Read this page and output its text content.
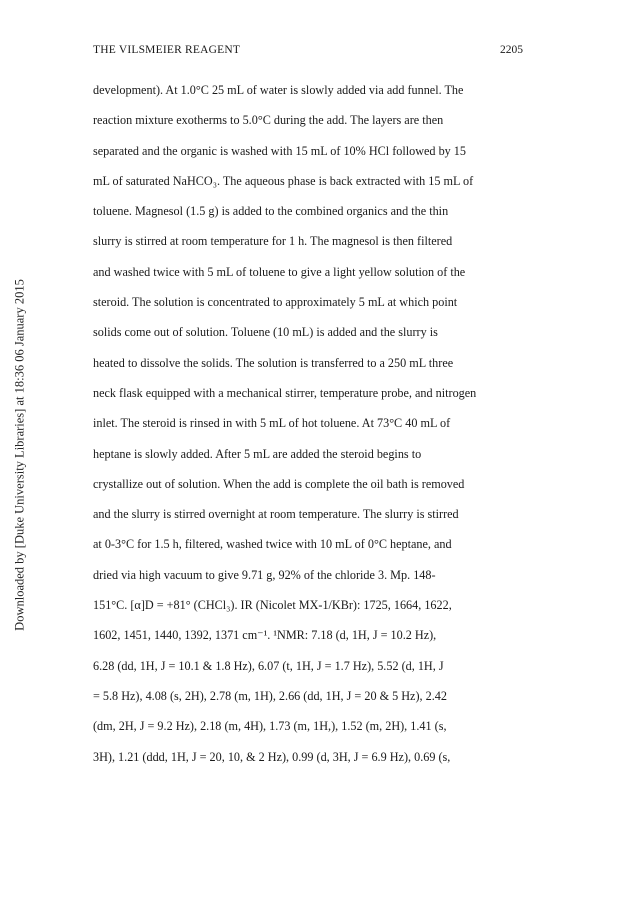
THE VILSMEIER REAGENT	2205
Downloaded by [Duke University Libraries] at 18:36 06 January 2015
development). At 1.0°C 25 mL of water is slowly added via add funnel. The
reaction mixture exotherms to 5.0°C during the add. The layers are then
separated and the organic is washed with 15 mL of 10% HCl followed by 15
mL of saturated NaHCO₃. The aqueous phase is back extracted with 15 mL of
toluene. Magnesol (1.5 g) is added to the combined organics and the thin
slurry is stirred at room temperature for 1 h. The magnesol is then filtered
and washed twice with 5 mL of toluene to give a light yellow solution of the
steroid. The solution is concentrated to approximately 5 mL at which point
solids come out of solution. Toluene (10 mL) is added and the slurry is
heated to dissolve the solids. The solution is transferred to a 250 mL three
neck flask equipped with a mechanical stirrer, temperature probe, and nitrogen
inlet. The steroid is rinsed in with 5 mL of hot toluene. At 73°C 40 mL of
heptane is slowly added. After 5 mL are added the steroid begins to
crystallize out of solution. When the add is complete the oil bath is removed
and the slurry is stirred overnight at room temperature. The slurry is stirred
at 0-3°C for 1.5 h, filtered, washed twice with 10 mL of 0°C heptane, and
dried via high vacuum to give 9.71 g, 92% of the chloride 3. Mp. 148-
151°C. [α]D = +81° (CHCl₃). IR (Nicolet MX-1/KBr): 1725, 1664, 1622,
1602, 1451, 1440, 1392, 1371 cm⁻¹. ¹NMR: 7.18 (d, 1H, J = 10.2 Hz),
6.28 (dd, 1H, J = 10.1 & 1.8 Hz), 6.07 (t, 1H, J = 1.7 Hz), 5.52 (d, 1H, J
= 5.8 Hz), 4.08 (s, 2H), 2.78 (m, 1H), 2.66 (dd, 1H, J = 20 & 5 Hz), 2.42
(dm, 2H, J = 9.2 Hz), 2.18 (m, 4H), 1.73 (m, 1H,), 1.52 (m, 2H), 1.41 (s,
3H), 1.21 (ddd, 1H, J = 20, 10, & 2 Hz), 0.99 (d, 3H, J = 6.9 Hz), 0.69 (s,
